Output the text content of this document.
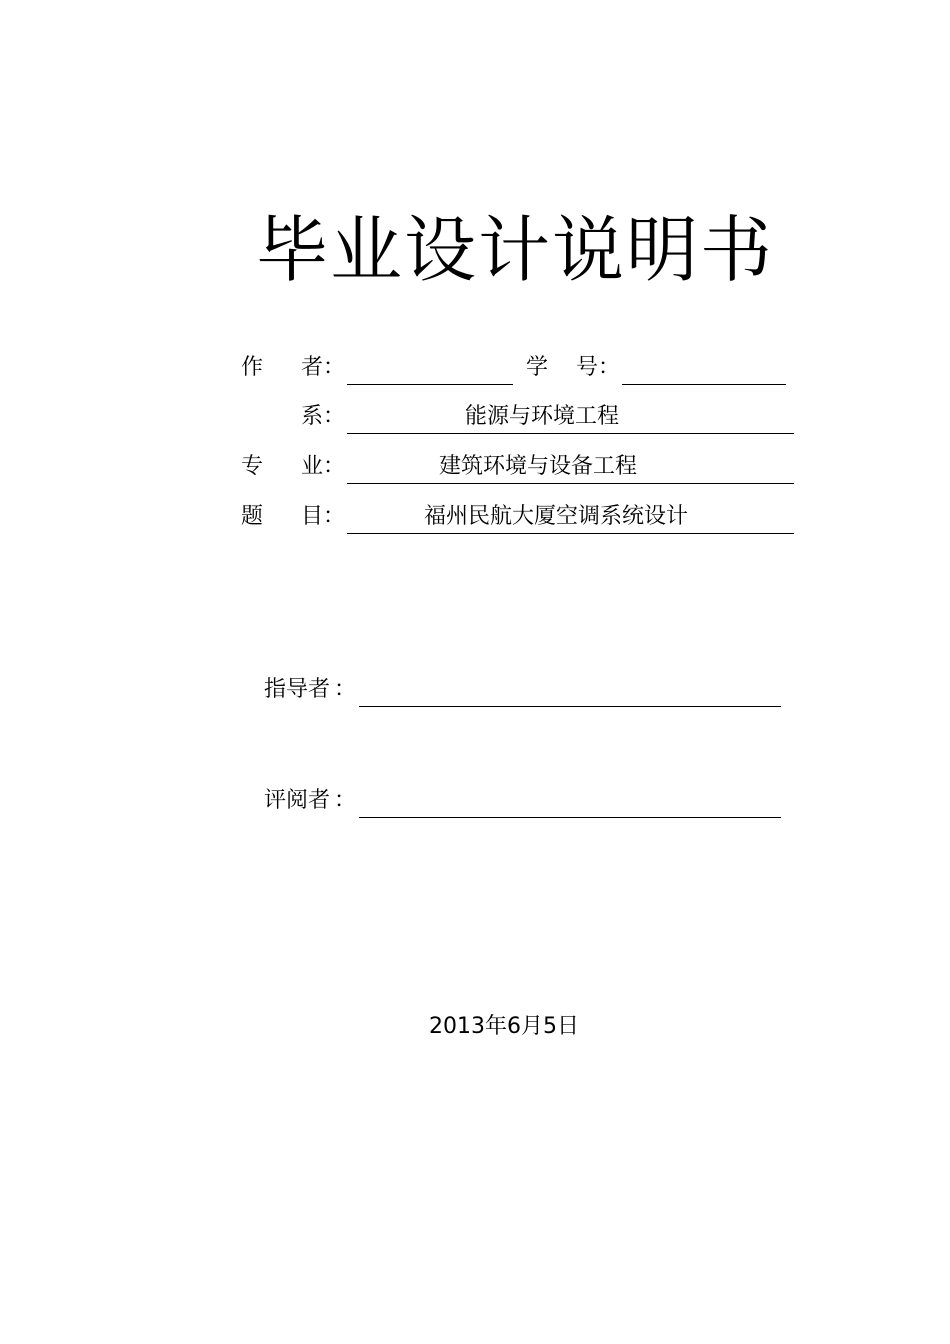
毕业设计说明书
作 者 ：	学 号 ：
系 ：	能源与环境工程
专 业 ：	建筑环境与设备工程
题 目 ：	福州民航大厦空调系统设计
指导者 ：
评阅者 ：
2013年6月5日
